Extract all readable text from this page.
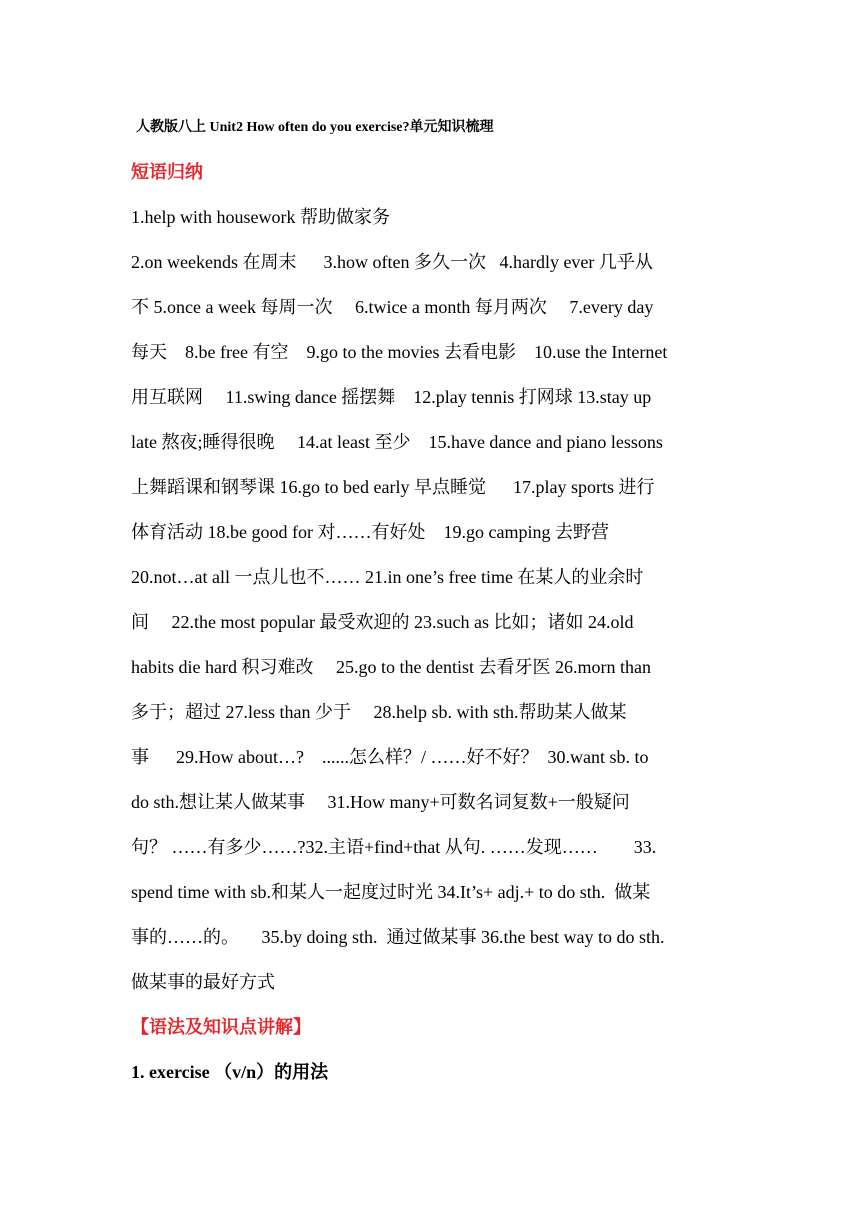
人教版八上 Unit2 How often do you exercise?单元知识梳理
短语归纳
1.help with housework 帮助做家务
2.on weekends 在周末      3.how often 多久一次   4.hardly ever 几乎从
不 5.once a week 每周一次     6.twice a month 每月两次     7.every day
每天    8.be free 有空    9.go to the movies 去看电影    10.use the Internet
用互联网     11.swing dance 摇摆舞    12.play tennis 打网球 13.stay up
late 熬夜;睡得很晚     14.at least 至少    15.have dance and piano lessons
上舞蹈课和钢琴课 16.go to bed early 早点睡觉      17.play sports 进行
体育活动 18.be good for 对……有好处    19.go camping 去野营
20.not…at all 一点儿也不…… 21.in one’s free time 在某人的业余时
间     22.the most popular 最受欢迎的 23.such as 比如；诸如 24.old
habits die hard 积习难改     25.go to the dentist 去看牙医 26.morn than
多于；超过 27.less than 少于     28.help sb. with sth.帮助某人做某
事      29.How about…?    ......怎么样？/ ……好不好？  30.want sb. to
do sth.想让某人做某事     31.How many+可数名词复数+一般疑问
句？ ……有多少……?32.主语+find+that 从句. ……发现……        33.
spend time with sb.和某人一起度过时光 34.It’s+ adj.+ to do sth.  做某
事的……的。     35.by doing sth.  通过做某事 36.the best way to do sth.
做某事的最好方式
【语法及知识点讲解】
1. exercise （v/n）的用法
